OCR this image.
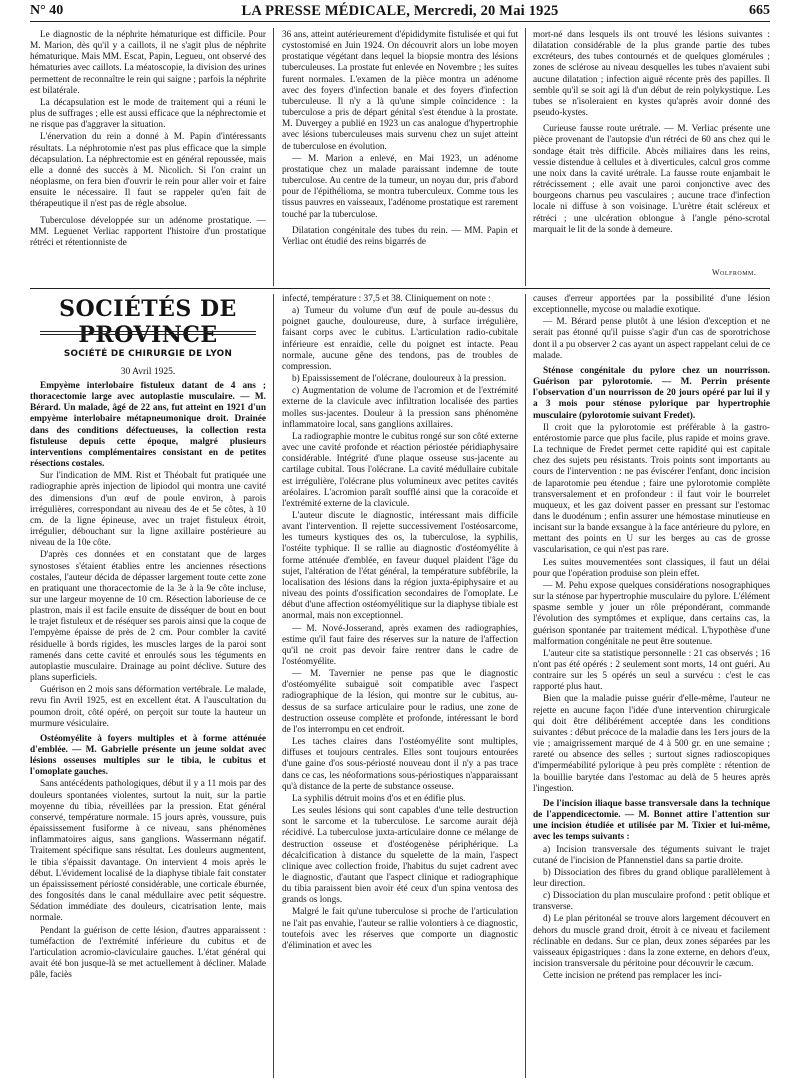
N° 40	LA PRESSE MÉDICALE, Mercredi, 20 Mai 1925	665

Le diagnostic de la néphrite hématurique est difficile. Pour M. Marion, dès qu'il y a caillots, il ne s'agit plus de néphrite hématurique. Mais MM. Escat, Papin, Legueu, ont observé des hématuries avec caillots. La méatoscopie, la division des urines permettent de reconnaître le rein qui saigne ; parfois la néphrite est bilatérale.

La décapsulation est le mode de traitement qui a réuni le plus de suffrages ; elle est aussi efficace que la néphrectomie et ne risque pas d'aggraver la situation.

L'énervation du rein a donné à M. Papin d'intéressants résultats. La néphrotomie n'est pas plus efficace que la simple décapsulation. La néphrectomie est en général repoussée, mais elle a donné des succès à M. Nicolich. Si l'on craint un néoplasme, on fera bien d'ouvrir le rein pour aller voir et faire ensuite le nécessaire. Il faut se rappeler qu'en fait de thérapeutique il n'est pas de règle absolue.

Tuberculose développée sur un adénome prostatique. — MM. Leguenet Verliac rapportent l'histoire d'un prostatique rétréci et rétentionniste de

36 ans, atteint autérieurement d'épididymite fistulisée et qui fut cystostomisé en Juin 1924. On découvrit alors un lobe moyen prostatique végétant dans lequel la biopsie montra des lésions tuberculeuses. La prostate fut enlevée en Novembre ; les suites furent normales. L'examen de la pièce montra un adénome avec des foyers d'infection banale et des foyers d'infection tuberculeuse. Il n'y a là qu'une simple coïncidence : la tuberculose a pris de départ génital s'est étendue à la prostate. M. Duvergey a publié en 1923 un cas analogue d'hypertrophie avec lésions tuberculeuses mais survenu chez un sujet atteint de tuberculose en évolution.

— M. Marion a enlevé, en Mai 1923, un adénome prostatique chez un malade paraissant indemne de toute tuberculose. Au centre de la tumeur, un noyau dur, pris d'abord pour de l'épithélioma, se montra tuberculeux. Comme tous les tissus pauvres en vaisseaux, l'adénome prostatique est rarement touché par la tuberculose.

Dilatation congénitale des tubes du rein. — MM. Papin et Verliac ont étudié des reins bigarrés de

mort-né dans lesquels ils ont trouvé les lésions suivantes : dilatation considérable de la plus grande partie des tubes excréteurs, des tubes contournés et de quelques glomérules ; zones de sclérose au niveau desquelles les tubes n'avaient subi aucune dilatation ; infection aiguë récente près des papilles. Il semble qu'il se soit agi là d'un début de rein polykystique. Les tubes se n'isoleraient en kystes qu'après avoir donné des pseudo-kystes.

Curieuse fausse route urétrale. — M. Verliac présente une pièce provenant de l'autopsie d'un rétréci de 60 ans chez qui le sondage était très difficile. Abcès miliaires dans les reins, vessie distendue à cellules et à diverticules, calcul gros comme une noix dans la cavité urétrale. La fausse route enjambait le rétrécissement ; elle avait une paroi conjonctive avec des bourgeons charnus peu vasculaires ; aucune trace d'infection locale ni diffuse à son voisinage. L'urètre était scléreux et rétréci ; une ulcération oblongue à l'angle péno-scrotal marquait le lit de la sonde à demeure.

Wolfromm.
SOCIÉTÉS DE PROVINCE
SOCIÉTÉ DE CHIRURGIE DE LYON
30 Avril 1925.

Empyème interlobaire fistuleux datant de 4 ans ; thoracectomie large avec autoplastie musculaire. — M. Bérard. Un malade, âgé de 22 ans, fut atteint en 1921 d'un empyème interlobaire métapneumonique droit. Drainée dans des conditions défectueuses, la collection resta fistuleuse depuis cette époque, malgré plusieurs interventions complémentaires consistant en de petites résections costales.

Sur l'indication de MM. Rist et Théobalt fut pratiquée une radiographie après injection de lipiodol qui montra une cavité des dimensions d'un œuf de poule environ, à parois irrégulières, correspondant au niveau des 4e et 5e côtes, à 10 cm. de la ligne épineuse, avec un trajet fistuleux étroit, irrégulier, débouchant sur la ligne axillaire postérieure au niveau de la 10e côte.

D'après ces données et en constatant que de larges synostoses s'étaient établies entre les anciennes résections costales, l'auteur décida de dépasser largement toute cette zone en pratiquant une thoracectomie de la 3e à la 9e côte incluse, sur une largeur moyenne de 10 cm. Résection laborieuse de ce plastron, mais il est facile ensuite de disséquer de bout en bout le trajet fistuleux et de réséquer ses parois ainsi que la coque de l'empyème épaisse de près de 2 cm. Pour combler la cavité résiduelle à bords rigides, les muscles larges de la paroi sont ramenés dans cette cavité et enroulés sous les téguments en autoplastie musculaire. Drainage au point déclive. Suture des plans superficiels.

Guérison en 2 mois sans déformation vertébrale. Le malade, revu fin Avril 1925, est en excellent état. A l'auscultation du poumon droit, côté opéré, on perçoit sur toute la hauteur un murmure vésiculaire.

Ostéomyélite à foyers multiples et à forme atténuée d'emblée. — M. Gabrielle présente un jeune soldat avec lésions osseuses multiples sur le tibia, le cubitus et l'omoplate gauches.

Sans antécédents pathologiques, début il y a 11 mois par des douleurs spontanées violentes, surtout la nuit, sur la partie moyenne du tibia, réveillées par la pression. Etat général conservé, température normale. 15 jours après, voussure, puis épaississement fusiforme à ce niveau, sans phénomènes inflammatoires aigus, sans ganglions. Wassermann négatif. Traitement spécifique sans résultat. Les douleurs augmentent, le tibia s'épaissit davantage. On intervient 4 mois après le début. L'évidement localisé de la diaphyse tibiale fait constater un épaississement périosté considérable, une corticale éburnée, des fongosités dans le canal médullaire avec petit séquestre. Sédation immédiate des douleurs, cicatrisation lente, mais normale.

Pendant la guérison de cette lésion, d'autres apparaissent : tuméfaction de l'extrémité inférieure du cubitus et de l'articulation acromio-claviculaire gauches. L'état général qui avait été bon jusque-là se met actuellement à décliner. Malade pâle, faciès

infecté, température : 37,5 et 38. Cliniquement on note :

a) Tumeur du volume d'un œuf de poule au-dessus du poignet gauche, douloureuse, dure, à surface irrégulière, faisant corps avec le cubitus. L'articulation radio-cubitale inférieure est enraidie, celle du poignet est intacte. Peau normale, aucune gêne des tendons, pas de troubles de compression.

b) Epaississement de l'olécrane, douloureux à la pression.

c) Augmentation de volume de l'acromion et de l'extrémité externe de la clavicule avec infiltration localisée des parties molles sus-jacentes. Douleur à la pression sans phénomène inflammatoire local, sans ganglions axillaires.

La radiographie montre le cubitus rongé sur son côté externe avec une cavité profonde et réaction périostée péridiaphysaire considérable. Intégrité d'une plaque osseuse sus-jacente au cartilage cubital. Tous l'olécrane. La cavité médullaire cubitale est irrégulière, l'olécrane plus volumineux avec petites cavités aréolaires. L'acromion paraît soufflé ainsi que la coracoïde et l'extrémité externe de la clavicule.

L'auteur discute le diagnostic, intéressant mais difficile avant l'intervention. Il rejette successivement l'ostéosarcome, les tumeurs kystiques des os, la tuberculose, la syphilis, l'ostéite typhique. Il se rallie au diagnostic d'ostéomyélite à forme atténuée d'emblée, en faveur duquel plaident l'âge du sujet, l'altération de l'état général, la température subfébrile, la localisation des lésions dans la région juxta-épiphysaire et au niveau des points d'ossification secondaires de l'omoplate. Le début d'une affection ostéomyélitique sur la diaphyse tibiale est anormal, mais non exceptionnel.

— M. Nové-Josserand, après examen des radiographies, estime qu'il faut faire des réserves sur la nature de l'affection qu'il ne croit pas devoir faire rentrer dans le cadre de l'ostéomyélite.

— M. Tavernier ne pense pas que le diagnostic d'ostéomyélite subaiguë soit compatible avec l'aspect radiographique de la lésion, qui montre sur le cubitus, au-dessus de sa surface articulaire pour le radius, une zone de destruction osseuse complète et profonde, intéressant le bord de l'os interrompu en cet endroit.

Les taches claires dans l'ostéomyélite sont multiples, diffuses et toujours centrales. Elles sont toujours entourées d'une gaine d'os sous-périosté nouveau dont il n'y a pas trace dans ce cas, les néoformations sous-périostiques n'apparaissant qu'à distance de la perte de substance osseuse.

La syphilis détruit moins d'os et en édifie plus.

Les seules lésions qui sont capables d'une telle destruction sont le sarcome et la tuberculose. Le sarcome aurait déjà récidivé. La tuberculose juxta-articulaire donne ce mélange de destruction osseuse et d'ostéogenèse périphérique. La décalcification à distance du squelette de la main, l'aspect clinique avec collection froide, l'habitus du sujet cadrent avec le diagnostic, d'autant que l'aspect clinique et radiographique du tibia paraissent bien avoir été ceux d'un spina ventosa des grands os longs.

Malgré le fait qu'une tuberculose si proche de l'articulation ne l'ait pas envahie, l'auteur se rallie volontiers à ce diagnostic, toutefois avec les réserves que comporte un diagnostic d'élimination et avec les

causes d'erreur apportées par la possibilité d'une lésion exceptionnelle, mycose ou maladie exotique.

— M. Bérard pense plutôt à une lésion d'exception et ne serait pas étonné qu'il puisse s'agir d'un cas de sporotrichose dont il a pu observer 2 cas ayant un aspect rappelant celui de ce malade.

Sténose congénitale du pylore chez un nourrisson. Guérison par pylorotomie. — M. Perrin présente l'observation d'un nourrisson de 20 jours opéré par lui il y a 3 mois pour sténose pylorique par hypertrophie musculaire (pylorotomie suivant Fredet).

Il croit que la pylorotomie est préférable à la gastro-entérostomie parce que plus facile, plus rapide et moins grave. La technique de Fredet permet cette rapidité qui est capitale chez des sujets peu résistants. Trois points sont importants au cours de l'intervention : ne pas éviscérer l'enfant, donc incision de laparotomie peu étendue ; faire une pylorotomie complète transversalement et en profondeur : il faut voir le bourrelet muqueux, et les gaz doivent passer en pressant sur l'estomac dans le duodénum ; enfin assurer une hémostase minutieuse en incisant sur la bande exsangue à la face antérieure du pylore, en mettant des points en U sur les berges au cas de grosse vascularisation, ce qui n'est pas rare.

Les suites mouvementées sont classiques, il faut un délai pour que l'opération produise son plein effet.

— M. Pehu expose quelques considérations nosographiques sur la sténose par hypertrophie musculaire du pylore. L'élément spasme semble y jouer un rôle prépondérant, commande l'évolution des symptômes et explique, dans certains cas, la guérison spontanée par traitement médical. L'hypothèse d'une malformation congénitale ne peut être soutenue.

L'auteur cite sa statistique personnelle : 21 cas observés ; 16 n'ont pas été opérés : 2 seulement sont morts, 14 ont guéri. Au contraire sur les 5 opérés un seul a survécu : c'est le cas rapporté plus haut.

Bien que la maladie puisse guérir d'elle-même, l'auteur ne rejette en aucune façon l'idée d'une intervention chirurgicale qui doit être délibérément acceptée dans les conditions suivantes : début précoce de la maladie dans les 1ers jours de la vie ; amaigrissement marqué de 4 à 500 gr. en une semaine ; rareté ou absence des selles ; surtout signes radioscopiques d'imperméabilité pylorique à peu près complète : rétention de la bouillie barytée dans l'estomac au delà de 5 heures après l'ingestion.

De l'incision iliaque basse transversale dans la technique de l'appendicectomie. — M. Bonnet attire l'attention sur une incision étudiée et utilisée par M. Tixier et lui-même, avec les temps suivants :

a) Incision transversale des téguments suivant le trajet cutané de l'incision de Pfannenstiel dans sa partie droite.

b) Dissociation des fibres du grand oblique parallèlement à leur direction.

c) Dissociation du plan musculaire profond : petit oblique et transverse.

d) Le plan péritonéal se trouve alors largement découvert en dehors du muscle grand droit, étroit à ce niveau et facilement réclinable en dedans. Sur ce plan, deux zones séparées par les vaisseaux épigastriques : dans la zone externe, en dehors d'eux, incision transversale du péritoine pour découvrir le cæcum.

Cette incision ne prétend pas remplacer les inci-
